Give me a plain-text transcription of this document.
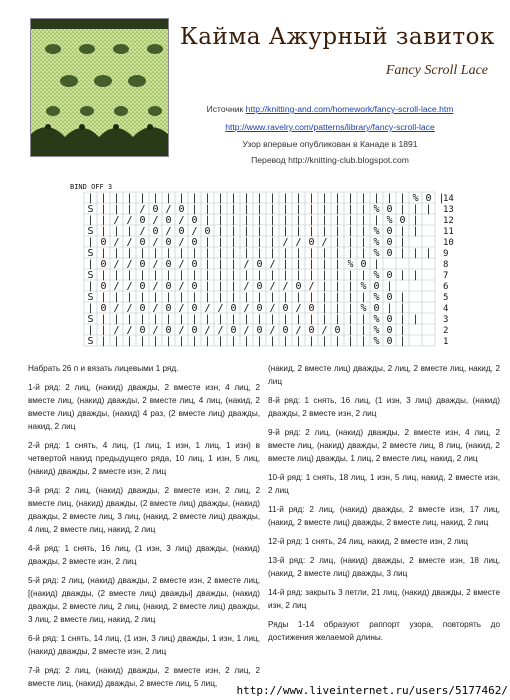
Кайма Ажурный завиток
Fancy Scroll Lace
Источник http://knitting-and.com/homework/fancy-scroll-lace.htm
http://www.ravelry.com/patterns/library/fancy-scroll-lace
Узор впервые опубликован в Канаде в 1891
Перевод http://knitting-club.blogspot.com
BIND OFF 3
| | | | | | | | | | | | | | | | | | | | | | | | | % 0 |
S | | | / 0 / 0 | | | | | | | | | | | | | | % 0 | | |
| | / / 0 / 0 / 0 | | | | | | | | | | | | | | % 0 |
S | | | / 0 / 0 / 0 | | | | | | | | | | | | % 0 | |
| 0 / / 0 / 0 / 0 | | | | | | / / 0 / | | | % 0 |
S | | | | | | | | | | | | | | | | | | | | | % 0 | | |
| 0 / / 0 / 0 / 0 | | | / 0 / | | | | | % 0 |
S | | | | | | | | | | | | | | | | | | | | | % 0 | |
| 0 / / 0 / 0 / 0 | | | / 0 / / 0 / | | | % 0 |
S | | | | | | | | | | | | | | | | | | | | | % 0 |
| 0 / / 0 / 0 / 0 / / 0 / 0 / 0 / 0 | | | % 0 | |
S | | | | | | | | | | | | | | | | | | | | | % 0 | |
| | / / 0 / 0 / 0 / / 0 / 0 / 0 / 0 / 0 | | % 0 |
S | | | | | | | | | | | | | | | | | | | | | % 0 |
14
13
12
11
10
9
8
7
6
5
4
3
2
1

Набрать 26 п и вязать лицевыми 1 ряд.

1-й ряд: 2 лиц, (накид) дважды, 2 вместе изн, 4 лиц, 2 вместе лиц, (накид) дважды, 2 вместе лиц, 4 лиц, (накид, 2 вместе лиц) дважды, (накид) 4 раз, (2 вместе лиц) дважды, накид, 2 лиц

2-й ряд: 1 снять, 4 лиц, (1 лиц, 1 изн, 1 лиц, 1 изн) в четвертой накид предыдущего ряда, 10 лиц, 1 изн, 5 лиц, (накид) дважды, 2 вместе изн, 2 лиц

3-й ряд: 2 лиц, (накид) дважды, 2 вместе изн, 2 лиц, 2 вместе лиц, (накид) дважды, (2 вместе лиц) дважды, (накид) дважды, 2 вместе лиц, 3 лиц, (накид, 2 вместе лиц) дважды, 4 лиц, 2 вместе лиц, накид, 2 лиц

4-й ряд: 1 снять, 16 лиц, (1 изн, 3 лиц) дважды, (накид) дважды, 2 вместе изн, 2 лиц

5-й ряд: 2 лиц, (накид) дважды, 2 вместе изн, 2 вместе лиц, [(накид) дважды, (2 вместе лиц) дважды] дважды, (накид) дважды, 2 вместе лиц, 2 лиц, (накид, 2 вместе лиц) дважды, 3 лиц, 2 вместе лиц, накид, 2 лиц

6-й ряд: 1 снять, 14 лиц, (1 изн, 3 лиц) дважды, 1 изн, 1 лиц, (накид) дважды, 2 вместе изн, 2 лиц

7-й ряд: 2 лиц, (накид) дважды, 2 вместе изн, 2 лиц, 2 вместе лиц, (накид) дважды, 2 вместе лиц, 5 лиц,

(накид, 2 вместе лиц) дважды, 2 лиц, 2 вместе лиц, накид, 2 лиц

8-й ряд: 1 снять, 16 лиц, (1 изн, 3 лиц) дважды, (накид) дважды, 2 вместе изн, 2 лиц

9-й ряд: 2 лиц, (накид) дважды, 2 вместе изн, 4 лиц, 2 вместе лиц, (накид) дважды, 2 вместе лиц, 8 лиц, (накид, 2 вместе лиц) дважды, 1 лиц, 2 вместе лиц, накид, 2 лиц

10-й ряд: 1 снять, 18 лиц, 1 изн, 5 лиц, накид, 2 вместе изн, 2 лиц

11-й ряд: 2 лиц, (накид) дважды, 2 вместе изн, 17 лиц, (накид, 2 вместе лиц) дважды, 2 вместе лиц, накид, 2 лиц

12-й ряд: 1 снять, 24 лиц, накид, 2 вместе изн, 2 лиц

13-й ряд: 2 лиц, (накид) дважды, 2 вместе изн, 18 лиц, (накид, 2 вместе лиц) дважды, 3 лиц

14-й ряд: закрыть 3 петли, 21 лиц, (накид) дважды, 2 вместе изн, 2 лиц

Ряды 1-14 образуют раппорт узора, повторять до достижения желаемой длины.

http://www.liveinternet.ru/users/5177462/
